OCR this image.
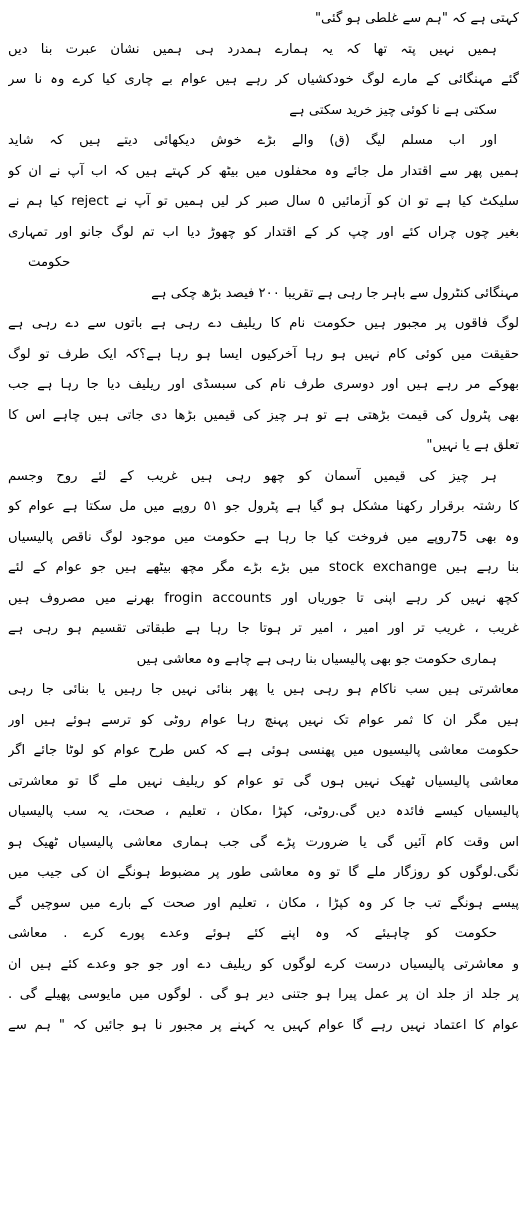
کہتی ہے کہ "ہم سے غلطی ہو گئی"
ہمیں نہیں پتہ تھا کہ یہ ہمارے ہمدرد ہی ہمیں نشان عبرت بنا دیں
گئے مہنگائی کے مارے لوگ خودکشیاں کر رہے ہیں عوام بے چاری کیا کرے وہ نا سر
سکتی ہے نا کوئی چیز خرید سکتی ہے
اور اب مسلم لیگ (ق) والے بڑے خوش دیکھائی دیتے ہیں کہ شاید
ہمیں پھر سے اقتدار مل جائے وہ محفلوں میں بیٹھ کر کہتے ہیں کہ اب آپ نے ان کو
سلیکٹ کیا ہے تو ان کو آزمائیں ٥ سال صبر کر لیں ہمیں تو آپ نے reject کیا ہم نے
بغیر چوں چراں کئے اور چپ کر کے اقتدار کو چھوڑ دیا اب تم لوگ جانو اور تمہاری
حکومت
مہنگائی کنٹرول سے باہر جا رہی ہے تقریبا ٢٠٠ فیصد بڑھ چکی ہے
لوگ فاقوں پر مجبور ہیں حکومت نام کا ریلیف دے رہی ہے باتوں سے دے رہی ہے
حقیقت میں کوئی کام نہیں ہو رہا آخرکیوں ایسا ہو رہا ہے؟کہ ایک طرف تو لوگ
بھوکے مر رہے ہیں اور دوسری طرف نام کی سبسڈی اور ریلیف دیا جا رہا ہے جب
بھی پٹرول کی قیمت بڑھتی ہے تو ہر چیز کی قیمیں بڑھا دی جاتی ہیں چاہے اس کا
تعلق ہے یا نہیں"
ہر چیز کی قیمیں آسمان کو چھو رہی ہیں غریب کے لئے روح وجسم
کا رشتہ برقرار رکھنا مشکل ہو گیا ہے پٹرول جو ٥١ روپے میں مل سکتا ہے عوام کو
وہ بھی 75روپے میں فروخت کیا جا رہا ہے حکومت میں موجود لوگ ناقص پالیسیاں
بنا رہے ہیں stock exchange میں بڑے بڑے مگر مچھ بیٹھے ہیں جو عوام کے لئے
کچھ نہیں کر رہے اپنی تا جوریاں اور frogin accounts بھرنے میں مصروف ہیں
غریب ، غریب تر اور امیر ، امیر تر ہوتا جا رہا ہے طبقاتی تقسیم ہو رہی ہے
ہماری حکومت جو بھی پالیسیاں بنا رہی ہے چاہے وہ معاشی ہیں
معاشرتی ہیں سب ناکام ہو رہی ہیں یا پھر بنائی نہیں جا رہیں یا بنائی جا رہی
ہیں مگر ان کا ثمر عوام تک نہیں پہنچ رہا عوام روٹی کو ترسے ہوئے ہیں اور
حکومت معاشی پالیسیوں میں پھنسی ہوئی ہے کہ کس طرح عوام کو لوٹا جائے اگر
معاشی پالیسیاں ٹھیک نہیں ہوں گی تو عوام کو ریلیف نہیں ملے گا تو معاشرتی
پالیسیاں کیسے فائدہ دیں گی.روٹی، کپڑا ،مکان ، تعلیم ، صحت، یہ سب پالیسیاں
اس وقت کام آئیں گی یا ضرورت پڑے گی جب ہماری معاشی پالیسیاں ٹھیک ہو
نگی.لوگوں کو روزگار ملے گا تو وہ معاشی طور پر مضبوط ہونگے ان کی جیب میں
پیسے ہونگے تب جا کر وہ کپڑا ، مکان ، تعلیم اور صحت کے بارے میں سوچیں گے
حکومت کو چاہیئے کہ وہ اپنے کئے ہوئے وعدے پورے کرے . معاشی
و معاشرتی پالیسیاں درست کرے لوگوں کو ریلیف دے اور جو جو وعدے کئے ہیں ان
پر جلد از جلد ان پر عمل پیرا ہو جتنی دیر ہو گی . لوگوں میں مایوسی پھیلے گی .
عوام کا اعتماد نہیں رہے گا عوام کہیں یہ کہنے پر مجبور نا ہو جائیں کہ " ہم سے
